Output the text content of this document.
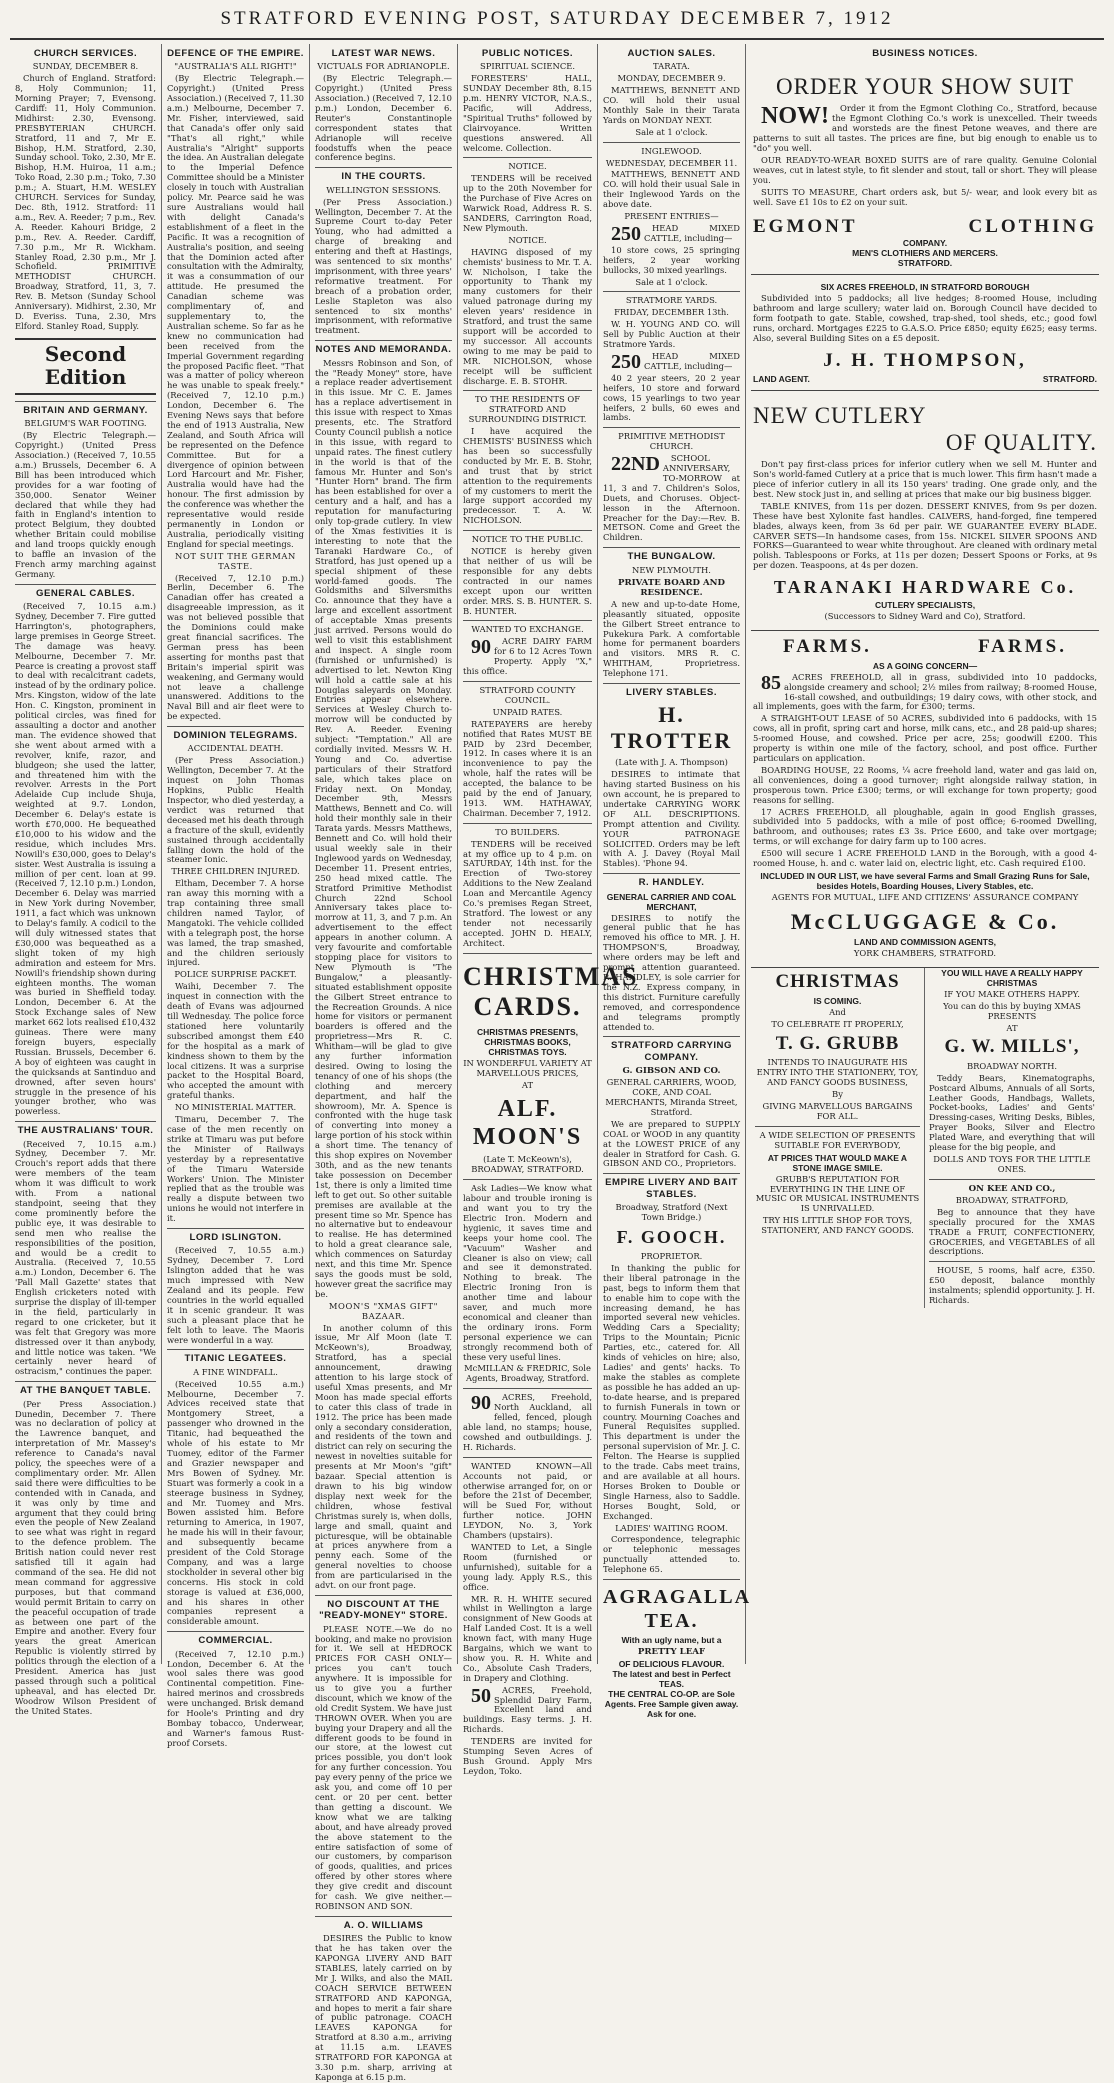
STRATFORD EVENING POST, SATURDAY DECEMBER 7, 1912
CHURCH SERVICES.
SUNDAY, DECEMBER 8.

Church of England. Stratford: 8, Holy Communion; 11, Morning Prayer; 7, Evensong. Cardiff: 11, Holy Communion. Midhirst: 2.30, Evensong. PRESBYTERIAN CHURCH. Stratford, 11 and 7, Mr E. Bishop, H.M. Stratford, 2.30, Sunday school. Toko, 2.30, Mr E. Bishop, H.M. Huiroa, 11 a.m.; Toko Road, 2.30 p.m.; Toko, 7.30 p.m.; A. Stuart, H.M. WESLEY CHURCH. Services for Sunday, Dec. 8th, 1912. Stratford: 11 a.m., Rev. A. Reeder; 7 p.m., Rev. A. Reeder. Kahouri Bridge, 2 p.m., Rev. A. Reeder. Cardiff, 7.30 p.m., Mr R. Wickham. Stanley Road, 2.30 p.m., Mr J. Schofield. PRIMITIVE METHODIST CHURCH. Broadway, Stratford, 11, 3, 7. Rev. B. Metson (Sunday School Anniversary). Midhirst, 2.30, Mr D. Everiss. Tuna, 2.30, Mrs Elford. Stanley Road, Supply.

Second Edition
BRITAIN AND GERMANY.
BELGIUM'S WAR FOOTING.

(By Electric Telegraph.—Copyright.) (United Press Association.) (Received 7, 10.55 a.m.) Brussels, December 6. A Bill has been introduced which provides for a war footing of 350,000. Senator Weiner declared that while they had faith in England's intention to protect Belgium, they doubted whether Britain could mobilise and land troops quickly enough to baffle an invasion of the French army marching against Germany.

GENERAL CABLES.

(Received 7, 10.15 a.m.) Sydney, December 7. Fire gutted Harrington's, photographers, large premises in George Street. The damage was heavy. Melbourne, December 7. Mr. Pearce is creating a provost staff to deal with recalcitrant cadets, instead of by the ordinary police. Mrs. Kingston, widow of the late Hon. C. Kingston, prominent in political circles, was fined for assaulting a doctor and another man. The evidence showed that she went about armed with a revolver, knife, razor, and bludgeon; she used the latter, and threatened him with the revolver. Arrests in the Port Adelaide Cup include Shuja, weighted at 9.7. London, December 6. Delay's estate is worth £70,000. He bequeathed £10,000 to his widow and the residue, which includes Mrs. Nowill's £30,000, goes to Delay's sister. West Australia is issuing a million of per cent. loan at 99. (Received 7, 12.10 p.m.) London, December 6. Delay was married in New York during November, 1911, a fact which was unknown to Delay's family. A codicil to the will duly witnessed states that £30,000 was bequeathed as a slight token of my high admiration and esteem for Mrs. Nowill's friendship shown during eighteen months. The woman was buried in Sheffield today. London, December 6. At the Stock Exchange sales of New market 662 lots realised £10,432 guineas. There were many foreign buyers, especially Russian. Brussels, December 6. A boy of eighteen was caught in the quicksands at Santinduo and drowned, after seven hours' struggle in the presence of his younger brother, who was powerless.

THE AUSTRALIANS' TOUR.

(Received 7, 10.15 a.m.) Sydney, December 7. Mr. Crouch's report adds that there were members of the team whom it was difficult to work with. From a national standpoint, seeing that they come prominently before the public eye, it was desirable to send men who realise the responsibilities of the position, and would be a credit to Australia. (Received 7, 10.55 a.m.) London, December 6. The 'Pall Mall Gazette' states that English cricketers noted with surprise the display of ill-temper in the field, particularly in regard to one cricketer, but it was felt that Gregory was more distressed over it than anybody, and little notice was taken. "We certainly never heard of ostracism," continues the paper.

AT THE BANQUET TABLE.

(Per Press Association.) Dunedin, December 7. There was no declaration of policy at the Lawrence banquet, and interpretation of Mr. Massey's reference to Canada's naval policy, the speeches were of a complimentary order. Mr. Allen said there were difficulties to be contended with in Canada, and it was only by time and argument that they could bring even the people of New Zealand to see what was right in regard to the defence problem. The British nation could never rest satisfied till it again had command of the sea. He did not mean command for aggressive purposes, but that command would permit Britain to carry on the peaceful occupation of trade as between one part of the Empire and another. Every four years the great American Republic is violently stirred by politics through the election of a President. America has just passed through such a political upheaval, and has elected Dr. Woodrow Wilson President of the United States.

DEFENCE OF THE EMPIRE.
"AUSTRALIA'S ALL RIGHT!"

(By Electric Telegraph.—Copyright.) (United Press Association.) (Received 7, 11.30 a.m.) Melbourne, December 7. Mr. Fisher, interviewed, said that Canada's offer only said "That's all right," while Australia's "Alright" supports the idea. An Australian delegate to the Imperial Defence Committee should be a Minister closely in touch with Australian policy. Mr. Pearce said he was sure Australians would hail with delight Canada's establishment of a fleet in the Pacific. It was a recognition of Australia's position, and seeing that the Dominion acted after consultation with the Admiralty, it was a consummation of our attitude. He presumed the Canadian scheme was complimentary of, and supplementary to, the Australian scheme. So far as he knew no communication had been received from the Imperial Government regarding the proposed Pacific fleet. "That was a matter of policy whereon he was unable to speak freely." (Received 7, 12.10 p.m.) London, December 6. The Evening News says that before the end of 1913 Australia, New Zealand, and South Africa will be represented on the Defence Committee. But for a divergence of opinion between Lord Harcourt and Mr. Fisher, Australia would have had the honour. The first admission by the conference was whether the representative would reside permanently in London or Australia, periodically visiting England for special meetings.

NOT SUIT THE GERMAN TASTE.

(Received 7, 12.10 p.m.) Berlin, December 6. The Canadian offer has created a disagreeable impression, as it was not believed possible that the Dominions could make great financial sacrifices. The German press has been asserting for months past that Britain's imperial spirit was weakening, and Germany would not leave a challenge unanswered. Additions to the Naval Bill and air fleet were to be expected.

DOMINION TELEGRAMS.
ACCIDENTAL DEATH.

(Per Press Association.) Wellington, December 7. At the inquest on John Thomas Hopkins, Public Health Inspector, who died yesterday, a verdict was returned that deceased met his death through a fracture of the skull, evidently sustained through accidentally falling down the hold of the steamer Ionic.

THREE CHILDREN INJURED.

Eltham, December 7. A horse ran away this morning with a trap containing three small children named Taylor, of Mangatoki. The vehicle collided with a telegraph post, the horse was lamed, the trap smashed, and the children seriously injured.

POLICE SURPRISE PACKET.

Waihi, December 7. The inquest in connection with the death of Evans was adjourned till Wednesday. The police force stationed here voluntarily subscribed amongst them £40 for the hospital as a mark of kindness shown to them by the local citizens. It was a surprise packet to the Hospital Board, who accepted the amount with grateful thanks.

NO MINISTERIAL MATTER.

Timaru, December 7. The case of the men recently on strike at Timaru was put before the Minister of Railways yesterday by a representative of the Timaru Waterside Workers' Union. The Minister replied that as the trouble was really a dispute between two unions he would not interfere in it.

LORD ISLINGTON.

(Received 7, 10.55 a.m.) Sydney, December 7. Lord Islington added that he was much impressed with New Zealand and its people. Few countries in the world equalled it in scenic grandeur. It was such a pleasant place that he felt loth to leave. The Maoris were wonderful in a way.

TITANIC LEGATEES.
A FINE WINDFALL.

(Received 10.55 a.m.) Melbourne, December 7. Advices received state that Montgomery Street, a passenger who drowned in the Titanic, had bequeathed the whole of his estate to Mr Tuomey, editor of the Farmer and Grazier newspaper and Mrs Bowen of Sydney. Mr. Stuart was formerly a cook in a steerage business in Sydney, and Mr. Tuomey and Mrs. Bowen assisted him. Before returning to America, in 1907, he made his will in their favour, and subsequently became president of the Cold Storage Company, and was a large stockholder in several other big concerns. His stock in cold storage is valued at £36,000, and his shares in other companies represent a considerable amount.

COMMERCIAL.

(Received 7, 12.10 p.m.) London, December 6. At the wool sales there was good Continental competition. Fine-haired merinos and crossbreds were unchanged. Brisk demand for Hoole's Printing and dry Bombay tobacco, Underwear, and Warner's famous Rust-proof Corsets.

LATEST WAR NEWS.
VICTUALS FOR ADRIANOPLE.

(By Electric Telegraph.—Copyright.) (United Press Association.) (Received 7, 12.10 p.m.) London, December 6. Reuter's Constantinople correspondent states that Adrianople will receive foodstuffs when the peace conference begins.

IN THE COURTS.
WELLINGTON SESSIONS.

(Per Press Association.) Wellington, December 7. At the Supreme Court to-day Peter Young, who had admitted a charge of breaking and entering and theft at Hastings, was sentenced to six months' imprisonment, with three years' reformative treatment. For breach of a probation order, Leslie Stapleton was also sentenced to six months' imprisonment, with reformative treatment.

NOTES AND MEMORANDA.

Messrs Robinson and Son, of the "Ready Money" store, have a replace reader advertisement in this issue. Mr C. E. James has a replace advertisement in this issue with respect to Xmas presents, etc. The Stratford County Council publish a notice in this issue, with regard to unpaid rates. The finest cutlery in the world is that of the famous Mr. Hunter and Son's "Hunter Horn" brand. The firm has been established for over a century and a half, and has a reputation for manufacturing only top-grade cutlery. In view of the Xmas festivities it is interesting to note that the Taranaki Hardware Co., of Stratford, has just opened up a special shipment of these world-famed goods. The Goldsmiths and Silversmiths Co. announce that they have a large and excellent assortment of acceptable Xmas presents just arrived. Persons would do well to visit this establishment and inspect. A single room (furnished or unfurnished) is advertised to let. Newton King will hold a cattle sale at his Douglas saleyards on Monday. Entries appear elsewhere. Services at Wesley Church to-morrow will be conducted by Rev. A. Reeder. Evening subject: "Temptation." All are cordially invited. Messrs W. H. Young and Co. advertise particulars of their Stratford sale, which takes place on Friday next. On Monday, December 9th, Messrs Matthews, Bennett and Co. will hold their monthly sale in their Tarata yards. Messrs Matthews, Bennett and Co. will hold their usual weekly sale in their Inglewood yards on Wednesday, December 11. Present entries, 250 head mixed cattle. The Stratford Primitive Methodist Church 22nd School Anniversary takes place to-morrow at 11, 3, and 7 p.m. An advertisement to the effect appears in another column. A very favourite and comfortable stopping place for visitors to New Plymouth is "The Bungalow," a pleasantly-situated establishment opposite the Gilbert Street entrance to the Recreation Grounds. A nice home for visitors or permanent boarders is offered and the proprietress—Mrs R. C. Whitham—will be glad to give any further information desired. Owing to losing the tenancy of one of his shops (the clothing and mercery department, and half the showroom), Mr. A. Spence is confronted with the huge task of converting into money a large portion of his stock within a short time. The tenancy of this shop expires on November 30th, and as the new tenants take possession on December 1st, there is only a limited time left to get out. So other suitable premises are available at the present time so Mr. Spence has no alternative but to endeavour to realise. He has determined to hold a great clearance sale, which commences on Saturday next, and this time Mr. Spence says the goods must be sold, however great the sacrifice may be.

MOON'S "XMAS GIFT" BAZAAR.

In another column of this issue, Mr Alf Moon (late T. McKeown's), Broadway, Stratford, has a special announcement, drawing attention to his large stock of useful Xmas presents, and Mr Moon has made special efforts to cater this class of trade in 1912. The price has been made only a secondary consideration, and residents of the town and district can rely on securing the newest in novelties suitable for presents at Mr Moon's "gift" bazaar. Special attention is drawn to his big window display next week for the children, whose festival Christmas surely is, when dolls, large and small, quaint and picturesque, will be obtainable at prices anywhere from a penny each. Some of the general novelties to choose from are particularised in the advt. on our front page.

NO DISCOUNT AT THE "READY-MONEY" STORE.

PLEASE NOTE.—We do no booking, and make no provision for it. We sell at HEDROCK PRICES FOR CASH ONLY—prices you can't touch anywhere. It is impossible for us to give you a further discount, which we know of the old Credit System. We have just THROWN OVER. When you are buying your Drapery and all the different goods to be found in our store, at the lowest cut prices possible, you don't look for any further concession. You pay every penny of the price we ask you, and come off 10 per cent. or 20 per cent. better than getting a discount. We know what we are talking about, and have already proved the above statement to the entire satisfaction of some of our customers, by comparison of goods, qualities, and prices offered by other stores where they give credit and discount for cash. We give neither.—ROBINSON AND SON.

A. O. WILLIAMS

DESIRES the Public to know that he has taken over the KAPONGA LIVERY AND BAIT STABLES, lately carried on by Mr J. Wilks, and also the MAIL COACH SERVICE BETWEEN STRATFORD AND KAPONGA, and hopes to merit a fair share of public patronage. COACH LEAVES KAPONGA for Stratford at 8.30 a.m., arriving at 11.15 a.m. LEAVES STRATFORD FOR KAPONGA at 3.30 p.m. sharp, arriving at Kaponga at 6.15 p.m.

PUBLIC NOTICES.
SPIRITUAL SCIENCE.

FORESTERS' HALL, SUNDAY December 8th, 8.15 p.m. HENRY VICTOR, N.A.S., Pacific, will Address, "Spiritual Truths" followed by Clairvoyance. Written questions answered. All welcome. Collection.

NOTICE.

TENDERS will be received up to the 20th November for the Purchase of Five Acres on Warwick Road, Address R. S. SANDERS, Carrington Road, New Plymouth.

NOTICE.

HAVING disposed of my chemists' business to Mr. T. A. W. Nicholson, I take the opportunity to Thank my many customers for their valued patronage during my eleven years' residence in Stratford, and trust the same support will be accorded to my successor. All accounts owing to me may be paid to MR. NICHOLSON, whose receipt will be sufficient discharge. E. B. STOHR.

TO THE RESIDENTS OF STRATFORD AND SURROUNDING DISTRICT.

I have acquired the CHEMISTS' BUSINESS which has been so successfully conducted by Mr. E. B. Stohr, and trust that by strict attention to the requirements of my customers to merit the large support accorded my predecessor. T. A. W. NICHOLSON.

NOTICE TO THE PUBLIC.

NOTICE is hereby given that neither of us will be responsible for any debts contracted in our names except upon our written order. MRS. S. B. HUNTER. S. B. HUNTER.

WANTED TO EXCHANGE.

90 ACRE DAIRY FARM for 6 to 12 Acres Town Property. Apply "X," this office.

STRATFORD COUNTY COUNCIL.
UNPAID RATES.

RATEPAYERS are hereby notified that Rates MUST BE PAID by 23rd December, 1912. In cases where it is an inconvenience to pay the whole, half the rates will be accepted, the balance to be paid by the end of January, 1913. WM. HATHAWAY, Chairman. December 7, 1912.

TO BUILDERS.

TENDERS will be received at my office up to 4 p.m. on SATURDAY, 14th inst. for the Erection of Two-storey Additions to the New Zealand Loan and Mercantile Agency Co.'s premises Regan Street, Stratford. The lowest or any tender not necessarily accepted. JOHN D. HEALY, Architect.

CHRISTMAS CARDS.
CHRISTMAS PRESENTS, CHRISTMAS BOOKS, CHRISTMAS TOYS.
IN WONDERFUL VARIETY AT MARVELLOUS PRICES,
AT
ALF. MOON'S
(Late T. McKeown's), BROADWAY, STRATFORD.

Ask Ladies—We know what labour and trouble ironing is and want you to try the Electric Iron. Modern and hygienic, it saves time and keeps your home cool. The "Vacuum" Washer and Cleaner is also on view; call and see it demonstrated. Nothing to break. The Electric Ironing Iron is another time and labour saver, and much more economical and cleaner than the ordinary irons. Form personal experience we can strongly recommend both of these very useful lines.

McMILLAN & FREDRIC, Sole Agents, Broadway, Stratford.

90 ACRES, Freehold, North Auckland, all felled, fenced, plough able land, no stamps; house, cowshed and outbuildings. J. H. Richards.

WANTED KNOWN—All Accounts not paid, or otherwise arranged for, on or before the 21st of December, will be Sued For, without further notice. JOHN LEYDON, No. 3, York Chambers (upstairs).

WANTED to Let, a Single Room (furnished or unfurnished), suitable for a young lady. Apply R.S., this office.

MR. R. H. WHITE secured whilst in Wellington a large consignment of New Goods at Half Landed Cost. It is a well known fact, with many Huge Bargains, which we want to show you. R. H. White and Co., Absolute Cash Traders, in Drapery and Clothing.

50 ACRES, Freehold, Splendid Dairy Farm, Excellent land and buildings. Easy terms. J. H. Richards.

TENDERS are invited for Stumping Seven Acres of Bush Ground. Apply Mrs Leydon, Toko.

AUCTION SALES.
TARATA.
MONDAY, DECEMBER 9.

MATTHEWS, BENNETT AND CO. will hold their usual Monthly Sale in their Tarata Yards on MONDAY NEXT.

Sale at 1 o'clock.
INGLEWOOD.
WEDNESDAY, DECEMBER 11.

MATTHEWS, BENNETT AND CO. will hold their usual Sale in their Inglewood Yards on the above date.

PRESENT ENTRIES—

250 HEAD MIXED CATTLE, including—

10 store cows, 25 springing heifers, 2 year working bullocks, 30 mixed yearlings.

Sale at 1 o'clock.
STRATMORE YARDS.
FRIDAY, DECEMBER 13th.

W. H. YOUNG AND CO. will Sell by Public Auction at their Stratmore Yards.

250 HEAD MIXED CATTLE, including—

40 2 year steers, 20 2 year heifers, 10 store and forward cows, 15 yearlings to two year heifers, 2 bulls, 60 ewes and lambs.

PRIMITIVE METHODIST CHURCH.

22ND SCHOOL ANNIVERSARY, TO-MORROW at 11, 3 and 7. Children's Solos, Duets, and Choruses. Object-lesson in the Afternoon. Preacher for the Day:—Rev. B. METSON. Come and Greet the Children.

THE BUNGALOW.
NEW PLYMOUTH.
PRIVATE BOARD AND RESIDENCE.

A new and up-to-date Home, pleasantly situated, opposite the Gilbert Street entrance to Pukekura Park. A comfortable home for permanent boarders and visitors. MRS R. C. WHITHAM, Proprietress. Telephone 171.

LIVERY STABLES.
H. TROTTER
(Late with J. A. Thompson)

DESIRES to intimate that having started Business on his own account, he is prepared to undertake CARRYING WORK OF ALL DESCRIPTIONS. Prompt attention and Civility. YOUR PATRONAGE SOLICITED. Orders may be left with A. J. Davey (Royal Mail Stables). 'Phone 94.

R. HANDLEY.
GENERAL CARRIER AND COAL MERCHANT,

DESIRES to notify the general public that he has removed his office to MR. J. H. THOMPSON'S, Broadway, where orders may be left and prompt attention guaranteed. R. HANDLEY, is sole carrier for the N.Z. Express company, in this district. Furniture carefully removed, and correspondence and telegrams promptly attended to.

STRATFORD CARRYING COMPANY.
G. GIBSON AND CO.
GENERAL CARRIERS, WOOD, COKE, AND COAL MERCHANTS, Miranda Street, Stratford.

We are prepared to SUPPLY COAL or WOOD in any quantity at the LOWEST PRICE of any dealer in Stratford for Cash. G. GIBSON AND CO., Proprietors.

EMPIRE LIVERY AND BAIT STABLES.
Broadway, Stratford (Next Town Bridge.)
F. GOOCH.
PROPRIETOR.

In thanking the public for their liberal patronage in the past, begs to inform them that to enable him to cope with the increasing demand, he has imported several new vehicles. Wedding Cars a Speciality; Trips to the Mountain; Picnic Parties, etc., catered for. All kinds of vehicles on hire; also, Ladies' and gents' hacks. To make the stables as complete as possible he has added an up-to-date hearse, and is prepared to furnish Funerals in town or country. Mourning Coaches and Funeral Requisites supplied. This department is under the personal supervision of Mr. J. C. Felton. The Hearse is supplied to the trade. Cabs meet trains, and are available at all hours. Horses Broken to Double or Single Harness, also to Saddle. Horses Bought, Sold, or Exchanged.

LADIES' WAITING ROOM.

Correspondence, telegraphic or telephonic messages punctually attended to. Telephone 65.

AGRAGALLA TEA.
With an ugly name, but a
PRETTY LEAF
OF DELICIOUS FLAVOUR.
The latest and best in Perfect TEAS.
THE CENTRAL CO-OP. are Sole Agents. Free Sample given away. Ask for one.
BUSINESS NOTICES.
ORDER YOUR SHOW SUIT

NOW! Order it from the Egmont Clothing Co., Stratford, because the Egmont Clothing Co.'s work is unexcelled. Their tweeds and worsteds are the finest Petone weaves, and there are patterns to suit all tastes. The prices are fine, but big enough to enable us to "do" you well.

OUR READY-TO-WEAR BOXED SUITS are of rare quality. Genuine Colonial weaves, cut in latest style, to fit slender and stout, tall or short. They will please you.

SUITS TO MEASURE, Chart orders ask, but 5/- wear, and look every bit as well. Save £1 10s to £2 on your suit.

EGMONT	CLOTHING
COMPANY.
MEN'S CLOTHIERS AND MERCERS.
STRATFORD.
SIX ACRES FREEHOLD, IN STRATFORD BOROUGH

Subdivided into 5 paddocks; all live hedges; 8-roomed House, including bathroom and large scullery; water laid on. Borough Council have decided to form footpath to gate. Stable, cowshed, trap-shed, tool sheds, etc.; good fowl runs, orchard. Mortgages £225 to G.A.S.O. Price £850; equity £625; easy terms. Also, several Building Sites on a £5 deposit.

J. H. THOMPSON,
LAND AGENT.	STRATFORD.
NEW CUTLERY
OF QUALITY.

Don't pay first-class prices for inferior cutlery when we sell M. Hunter and Son's world-famed Cutlery at a price that is much lower. This firm hasn't made a piece of inferior cutlery in all its 150 years' trading. One grade only, and the best. New stock just in, and selling at prices that make our big business bigger.

TABLE KNIVES, from 11s per dozen. DESSERT KNIVES, from 9s per dozen. These have best Xylonite fast handles. CALVERS, hand-forged, fine tempered blades, always keen, from 3s 6d per pair. WE GUARANTEE EVERY BLADE. CARVER SETS—In handsome cases, from 15s. NICKEL SILVER SPOONS AND FORKS—Guaranteed to wear white throughout. Are cleaned with ordinary metal polish. Tablespoons or Forks, at 11s per dozen; Dessert Spoons or Forks, at 9s per dozen. Teaspoons, at 4s per dozen.

TARANAKI HARDWARE Co.
CUTLERY SPECIALISTS,
(Successors to Sidney Ward and Co), Stratford.
FARMS.	FARMS.
AS A GOING CONCERN—

85 ACRES FREEHOLD, all in grass, subdivided into 10 paddocks, alongside creamery and school; 2½ miles from railway; 8-roomed House, 16-stall cowshed, and outbuildings; 19 dairy cows, with other stock, and all implements, goes with the farm, for £300; terms.

A STRAIGHT-OUT LEASE of 50 ACRES, subdivided into 6 paddocks, with 15 cows, all in profit, spring cart and horse, milk cans, etc., and 28 paid-up shares; 5-roomed House, and cowshed. Price per acre, 25s; goodwill £200. This property is within one mile of the factory, school, and post office. Further particulars on application.

BOARDING HOUSE, 22 Rooms, ¼ acre freehold land, water and gas laid on, all conveniences, doing a good turnover; right alongside railway station, in prosperous town. Price £300; terms, or will exchange for town property; good reasons for selling.

17 ACRES FREEHOLD, all ploughable, again in good English grasses, subdivided into 5 paddocks, with a mile of post office; 6-roomed Dwelling, bathroom, and outhouses; rates £3 3s. Price £600, and take over mortgage; terms, or will exchange for dairy farm up to 100 acres.

£500 will secure 1 ACRE FREEHOLD LAND in the Borough, with a good 4-roomed House, h. and c. water laid on, electric light, etc. Cash required £100.

INCLUDED IN OUR LIST, we have several Farms and Small Grazing Runs for Sale, besides Hotels, Boarding Houses, Livery Stables, etc.
AGENTS FOR MUTUAL, LIFE AND CITIZENS' ASSURANCE COMPANY
McCLUGGAGE & Co.
LAND AND COMMISSION AGENTS,
YORK CHAMBERS, STRATFORD.
CHRISTMAS
IS COMING.
And
TO CELEBRATE IT PROPERLY,
T. G. GRUBB
INTENDS TO INAUGURATE HIS ENTRY INTO THE STATIONERY, TOY, AND FANCY GOODS BUSINESS,
By
GIVING MARVELLOUS BARGAINS FOR ALL.
A WIDE SELECTION OF PRESENTS SUITABLE FOR EVERYBODY,
AT PRICES THAT WOULD MAKE A STONE IMAGE SMILE.
GRUBB'S REPUTATION FOR EVERYTHING IN THE LINE OF MUSIC OR MUSICAL INSTRUMENTS IS UNRIVALLED.
TRY HIS LITTLE SHOP FOR TOYS, STATIONERY, AND FANCY GOODS.
YOU WILL HAVE A REALLY HAPPY CHRISTMAS
IF YOU MAKE OTHERS HAPPY.
You can do this by buying XMAS PRESENTS
AT
G. W. MILLS',
BROADWAY NORTH.

Teddy Bears, Kinematographs, Postcard Albums, Annuals of all Sorts, Leather Goods, Handbags, Wallets, Pocket-books, Ladies' and Gents' Dressing-cases, Writing Desks, Bibles, Prayer Books, Silver and Electro Plated Ware, and everything that will please for the big people, and

DOLLS AND TOYS FOR THE LITTLE ONES.
ON KEE AND CO.,
BROADWAY, STRATFORD,

Beg to announce that they have specially procured for the XMAS TRADE a FRUIT, CONFECTIONERY, GROCERIES, and VEGETABLES of all descriptions.

HOUSE, 5 rooms, half acre, £350. £50 deposit, balance monthly instalments; splendid opportunity. J. H. Richards.
